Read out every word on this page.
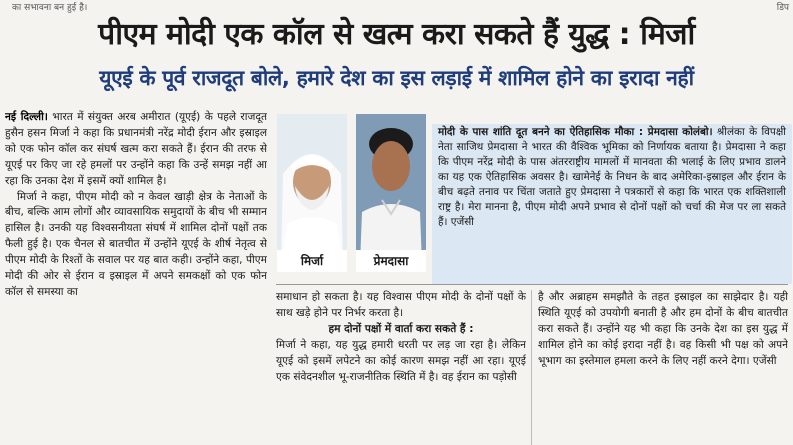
का सभावना बन हुई है।	डिप
पीएम मोदी एक कॉल से खत्म करा सकते हैं युद्ध : मिर्जा
यूएई के पूर्व राजदूत बोले, हमारे देश का इस लड़ाई में शामिल होने का इरादा नहीं

नई दिल्ली। भारत में संयुक्त अरब अमीरात (यूएई) के पहले राजदूत हुसैन हसन मिर्जा ने कहा कि प्रधानमंत्री नरेंद्र मोदी ईरान और इस्राइल को एक फोन कॉल कर संघर्ष खत्म करा सकते हैं। ईरान की तरफ से यूएई पर किए जा रहे हमलों पर उन्होंने कहा कि उन्हें समझ नहीं आ रहा कि उनका देश में इसमें क्यों शामिल है।

मिर्जा ने कहा, पीएम मोदी को न केवल खाड़ी क्षेत्र के नेताओं के बीच, बल्कि आम लोगों और व्यावसायिक समुदायों के बीच भी सम्मान हासिल है। उनकी यह विश्वसनीयता संघर्ष में शामिल दोनों पक्षों तक फैली हुई है। एक चैनल से बातचीत में उन्होंने यूएई के शीर्ष नेतृत्व से पीएम मोदी के रिश्तों के सवाल पर यह बात कही। उन्होंने कहा, पीएम मोदी की ओर से ईरान व इस्राइल में अपने समकक्षों को एक फोन कॉल से समस्या का

मिर्जा	प्रेमदासा
मोदी के पास शांति दूत बनने का ऐतिहासिक मौका : प्रेमदासा कोलंबो। श्रीलंका के विपक्षी नेता साजिथ प्रेमदासा ने भारत की वैश्विक भूमिका को निर्णायक बताया है। प्रेमदासा ने कहा कि पीएम नरेंद्र मोदी के पास अंतरराष्ट्रीय मामलों में मानवता की भलाई के लिए प्रभाव डालने का यह एक ऐतिहासिक अवसर है। खामेनेई के निधन के बाद अमेरिका-इस्राइल और ईरान के बीच बढ़ते तनाव पर चिंता जताते हुए प्रेमदासा ने पत्रकारों से कहा कि भारत एक शक्तिशाली राष्ट्र है। मेरा मानना है, पीएम मोदी अपने प्रभाव से दोनों पक्षों को चर्चा की मेज पर ला सकते हैं। एजेंसी

समाधान हो सकता है। यह विश्वास पीएम मोदी के दोनों पक्षों के साथ खड़े होने पर निर्भर करता है।

हम दोनों पक्षों में वार्ता करा सकते हैं :

मिर्जा ने कहा, यह युद्ध हमारी धरती पर लड़ जा रहा है। लेकिन यूएई को इसमें लपेटने का कोई कारण समझ नहीं आ रहा। यूएई एक संवेदनशील भू-राजनीतिक स्थिति में है। वह ईरान का पड़ोसी

है और अब्राहम समझौते के तहत इस्राइल का साझेदार है। यही स्थिति यूएई को उपयोगी बनाती है और हम दोनों के बीच बातचीत करा सकते हैं। उन्होंने यह भी कहा कि उनके देश का इस युद्ध में शामिल होने का कोई इरादा नहीं है। वह किसी भी पक्ष को अपने भूभाग का इस्तेमाल हमला करने के लिए नहीं करने देगा। एजेंसी
